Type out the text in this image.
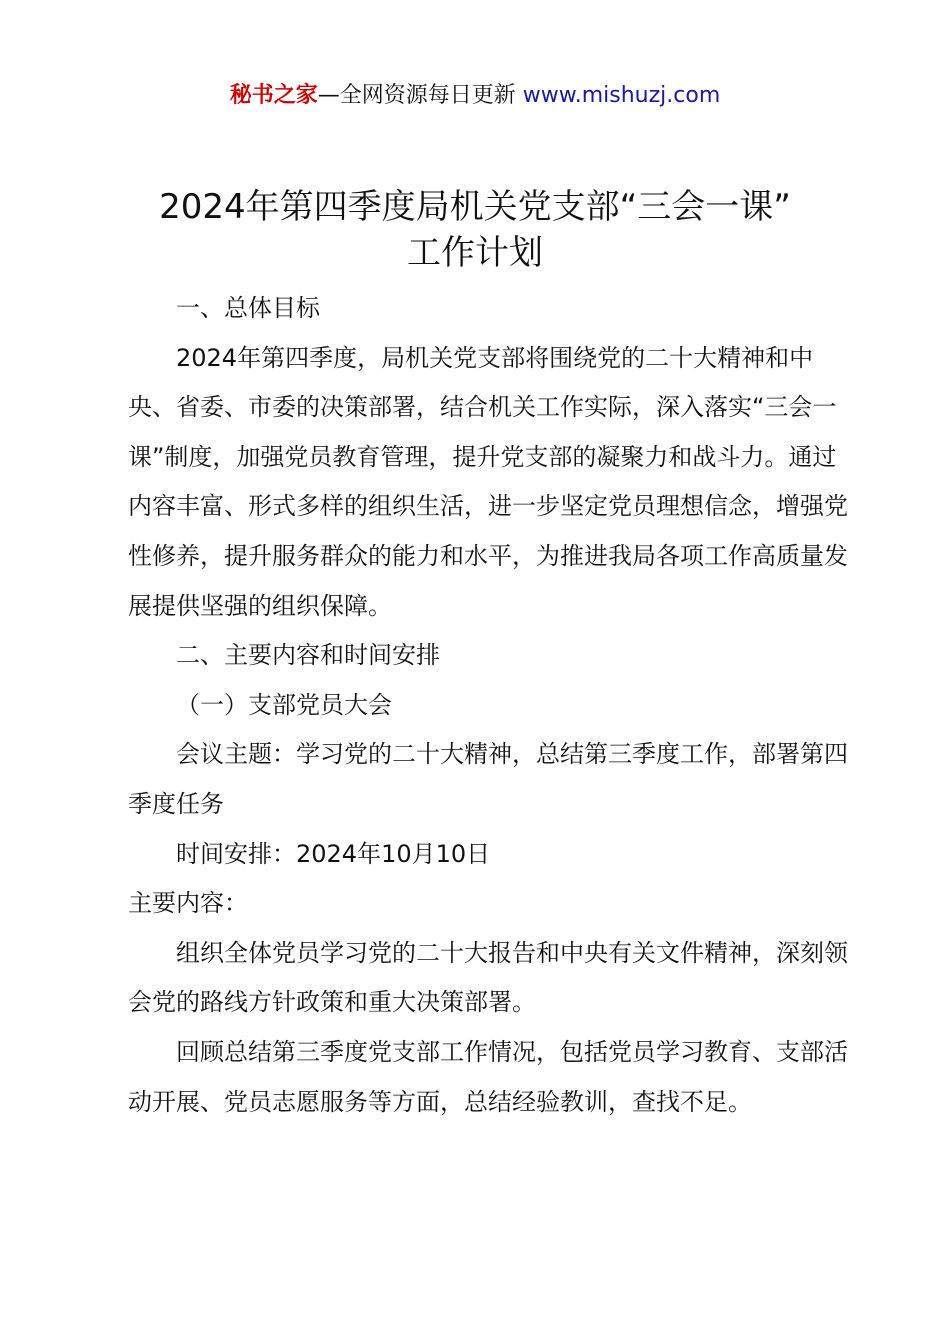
秘书之家—全网资源每日更新 www.mishuzj.com
2024年第四季度局机关党支部“三会一课”
工作计划

一、总体目标

2024年第四季度，局机关党支部将围绕党的二十大精神和中央、省委、市委的决策部署，结合机关工作实际，深入落实“三会一课”制度，加强党员教育管理，提升党支部的凝聚力和战斗力。通过内容丰富、形式多样的组织生活，进一步坚定党员理想信念，增强党性修养，提升服务群众的能力和水平，为推进我局各项工作高质量发展提供坚强的组织保障。

二、主要内容和时间安排

（一）支部党员大会

会议主题：学习党的二十大精神，总结第三季度工作，部署第四季度任务

时间安排：2024年10月10日

主要内容：

组织全体党员学习党的二十大报告和中央有关文件精神，深刻领会党的路线方针政策和重大决策部署。

回顾总结第三季度党支部工作情况，包括党员学习教育、支部活动开展、党员志愿服务等方面，总结经验教训，查找不足。
